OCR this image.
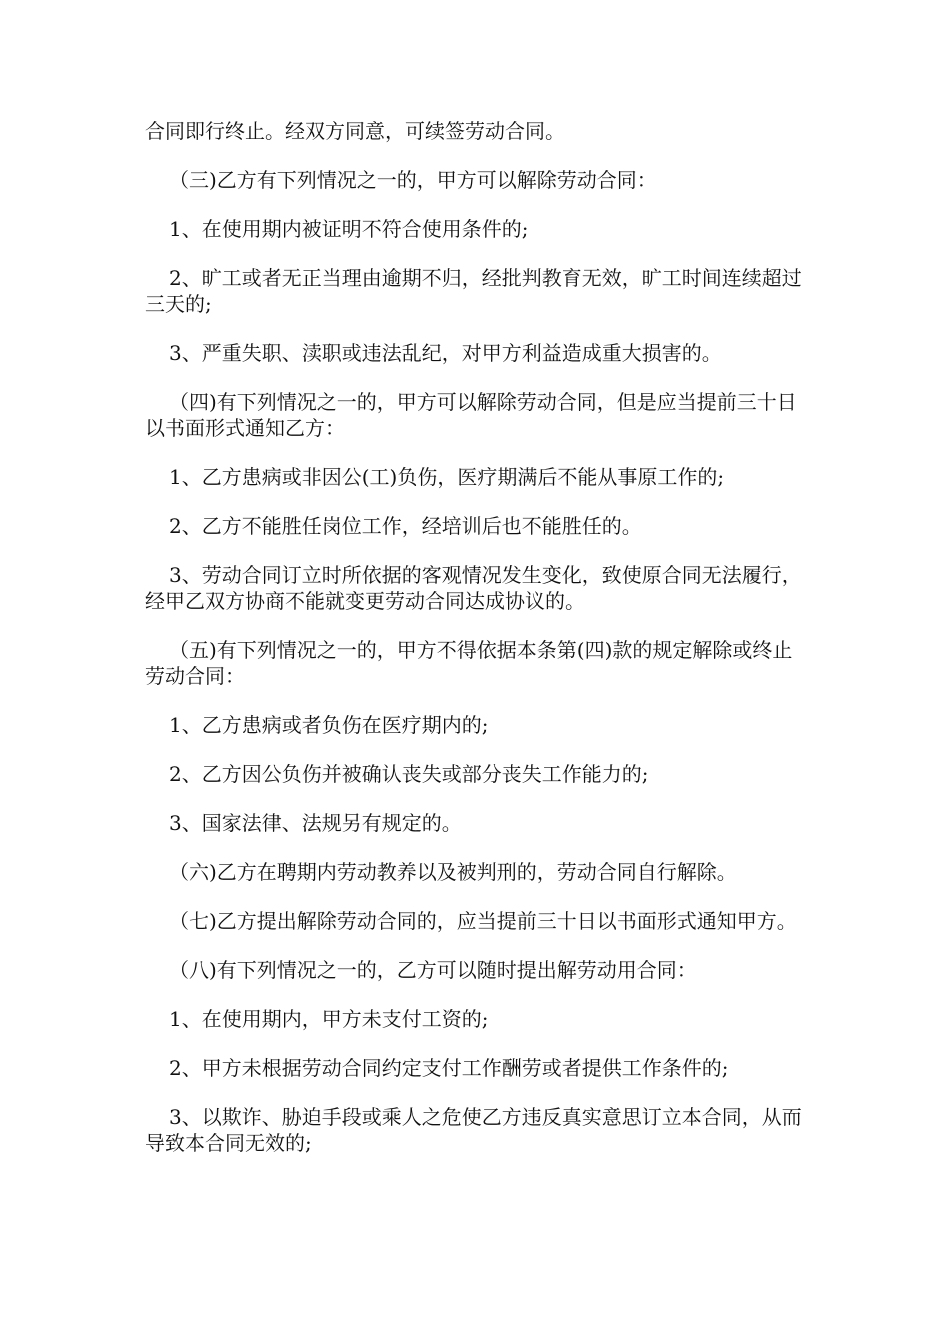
合同即行终止。经双方同意，可续签劳动合同。

（三)乙方有下列情况之一的，甲方可以解除劳动合同：

1、在使用期内被证明不符合使用条件的;

2、旷工或者无正当理由逾期不归，经批判教育无效，旷工时间连续超过三天的;

3、严重失职、渎职或违法乱纪，对甲方利益造成重大损害的。

（四)有下列情况之一的，甲方可以解除劳动合同，但是应当提前三十日以书面形式通知乙方：

1、乙方患病或非因公(工)负伤，医疗期满后不能从事原工作的;

2、乙方不能胜任岗位工作，经培训后也不能胜任的。

3、劳动合同订立时所依据的客观情况发生变化，致使原合同无法履行，经甲乙双方协商不能就变更劳动合同达成协议的。

（五)有下列情况之一的，甲方不得依据本条第(四)款的规定解除或终止劳动合同：

1、乙方患病或者负伤在医疗期内的;

2、乙方因公负伤并被确认丧失或部分丧失工作能力的;

3、国家法律、法规另有规定的。

（六)乙方在聘期内劳动教养以及被判刑的，劳动合同自行解除。

（七)乙方提出解除劳动合同的，应当提前三十日以书面形式通知甲方。

（八)有下列情况之一的，乙方可以随时提出解劳动用合同：

1、在使用期内，甲方未支付工资的;

2、甲方未根据劳动合同约定支付工作酬劳或者提供工作条件的;

3、以欺诈、胁迫手段或乘人之危使乙方违反真实意思订立本合同，从而导致本合同无效的;
